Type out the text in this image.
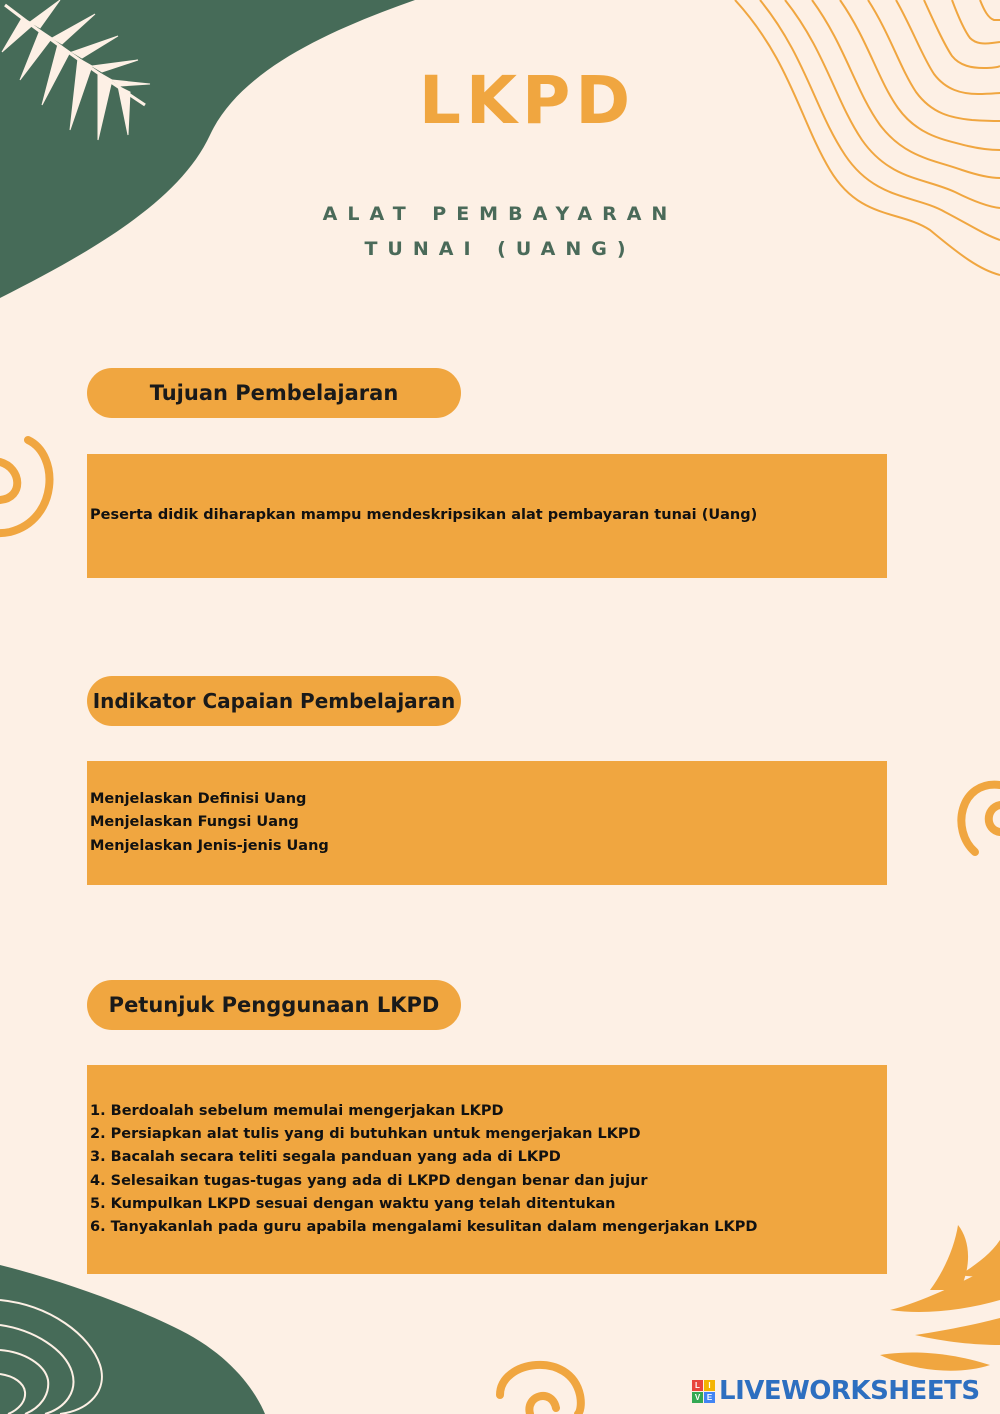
LKPD
ALAT PEMBAYARAN
TUNAI (UANG)
Tujuan Pembelajaran
Peserta didik diharapkan mampu mendeskripsikan alat pembayaran tunai (Uang)
Indikator Capaian Pembelajaran
Menjelaskan Definisi Uang
Menjelaskan Fungsi Uang
Menjelaskan Jenis-jenis Uang
Petunjuk Penggunaan LKPD
1. Berdoalah sebelum memulai mengerjakan LKPD
2. Persiapkan alat tulis yang di butuhkan untuk mengerjakan LKPD
3. Bacalah secara teliti segala panduan yang ada di LKPD
4. Selesaikan tugas-tugas yang ada di LKPD dengan benar dan jujur
5. Kumpulkan LKPD sesuai dengan waktu yang telah ditentukan
6. Tanyakanlah pada guru apabila mengalami kesulitan dalam mengerjakan LKPD
L	I
V E LIVEWORKSHEETS
